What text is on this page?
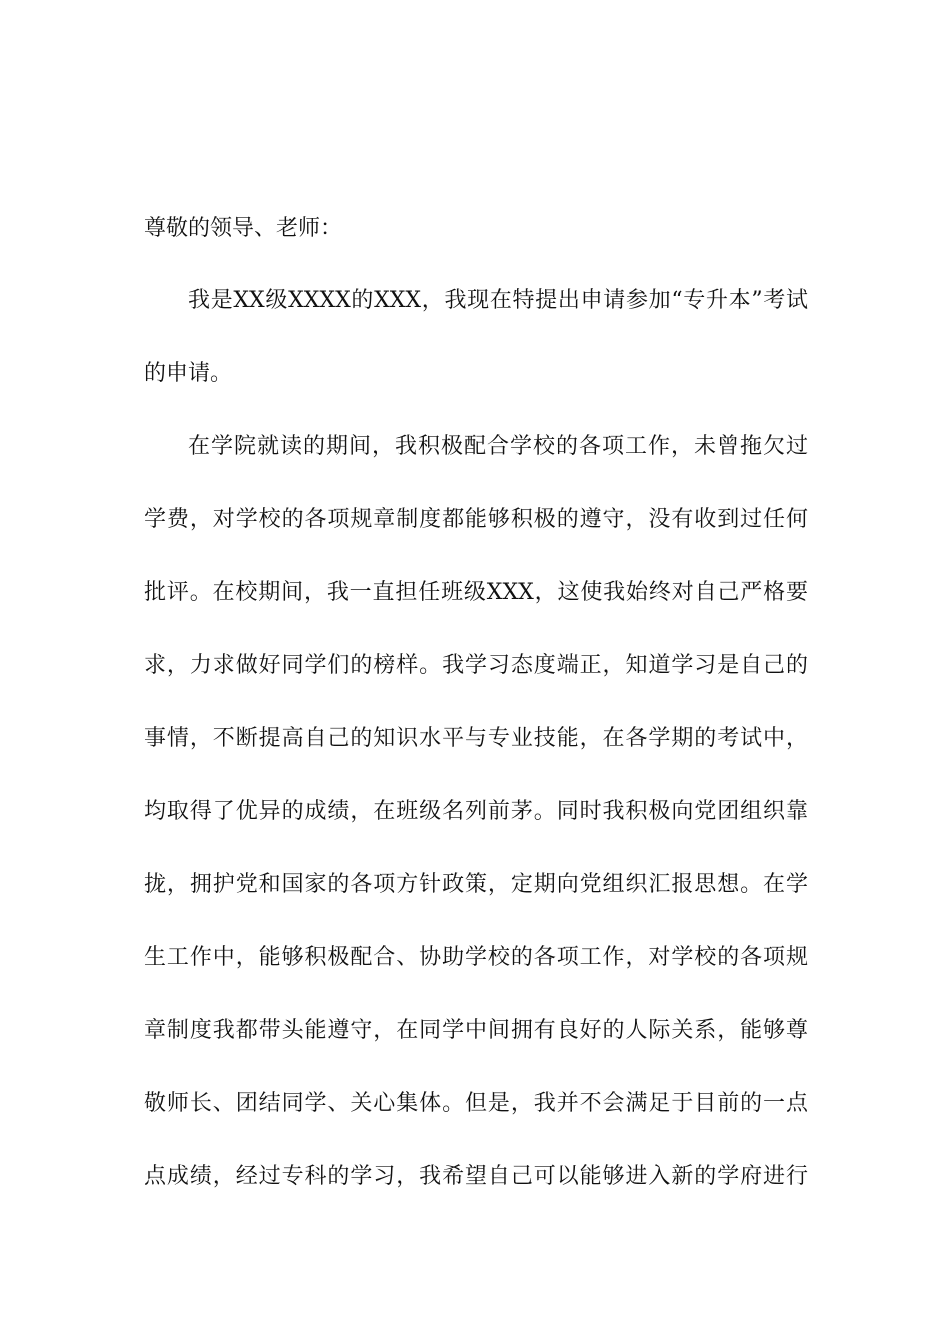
尊敬的领导、老师：
我是XX级XXXX的XXX，我现在特提出申请参加“专升本”考试
的申请。
在学院就读的期间，我积极配合学校的各项工作，未曾拖欠过
学费，对学校的各项规章制度都能够积极的遵守，没有收到过任何
批评。在校期间，我一直担任班级XXX，这使我始终对自己严格要
求，力求做好同学们的榜样。我学习态度端正，知道学习是自己的
事情，不断提高自己的知识水平与专业技能，在各学期的考试中，
均取得了优异的成绩，在班级名列前茅。同时我积极向党团组织靠
拢，拥护党和国家的各项方针政策，定期向党组织汇报思想。在学
生工作中，能够积极配合、协助学校的各项工作，对学校的各项规
章制度我都带头能遵守，在同学中间拥有良好的人际关系，能够尊
敬师长、团结同学、关心集体。但是，我并不会满足于目前的一点
点成绩，经过专科的学习，我希望自己可以能够进入新的学府进行
